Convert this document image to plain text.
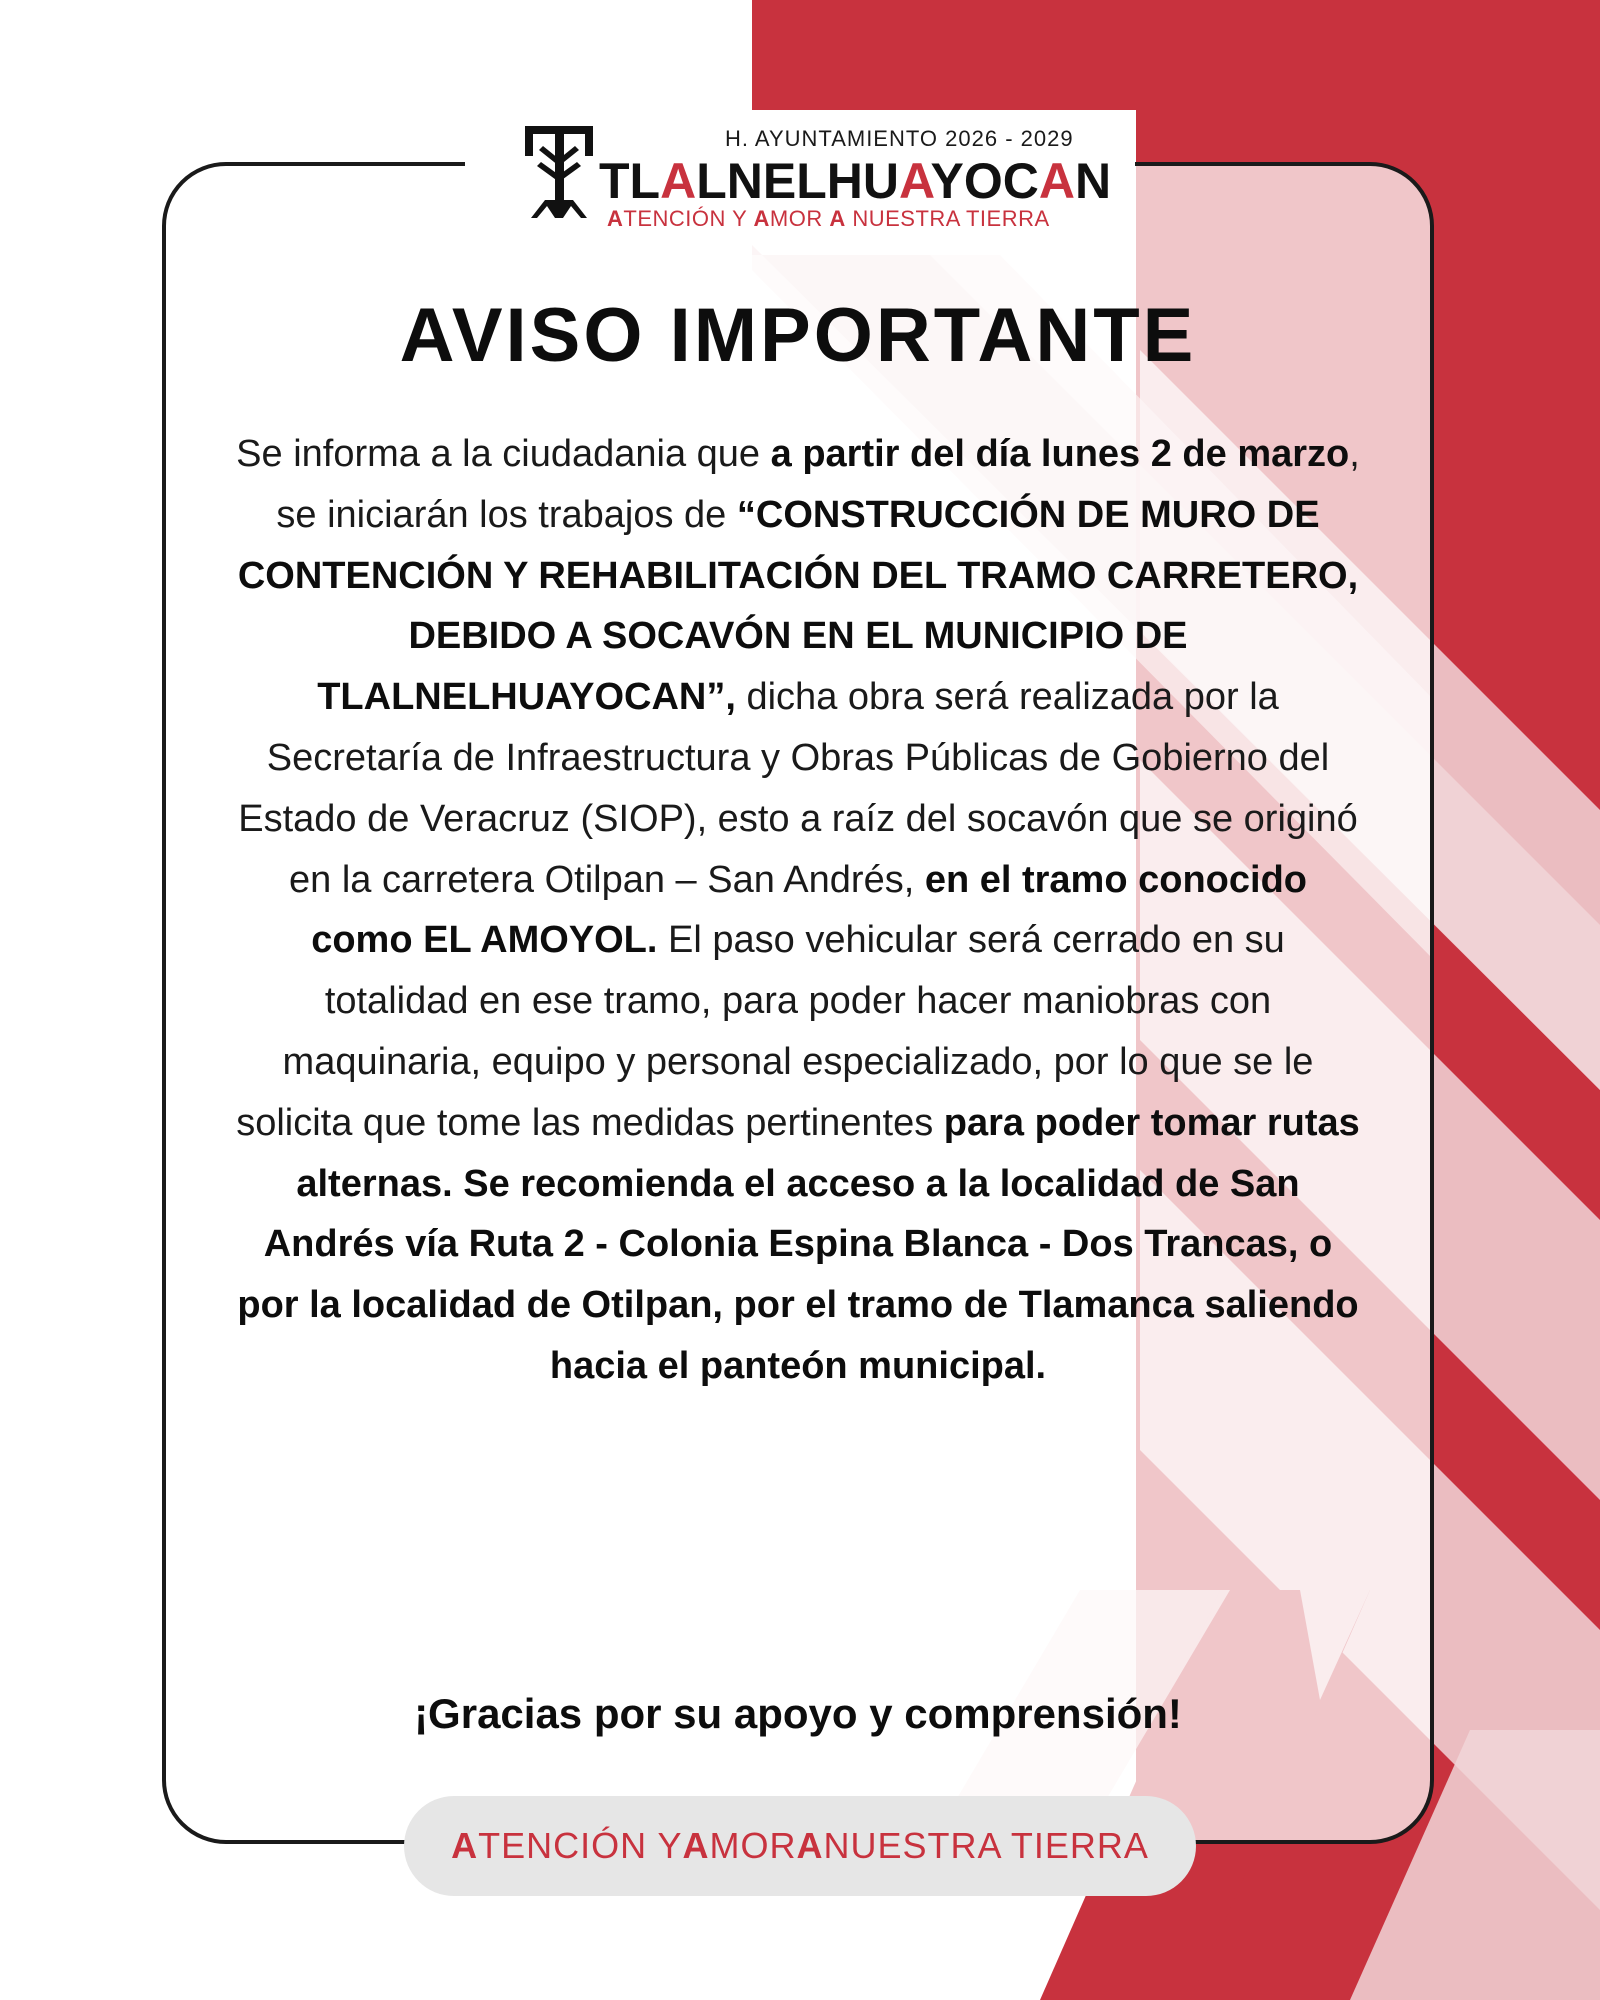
H. AYUNTAMIENTO 2026 - 2029
TLALNELHUAYOCAN
ATENCIÓN Y AMOR A NUESTRA TIERRA
AVISO IMPORTANTE
Se informa a la ciudadania que a partir del día lunes 2 de marzo, se iniciarán los trabajos de “CONSTRUCCIÓN DE MURO DE CONTENCIÓN Y REHABILITACIÓN DEL TRAMO CARRETERO, DEBIDO A SOCAVÓN EN EL MUNICIPIO DE TLALNELHUAYOCAN”, dicha obra será realizada por la Secretaría de Infraestructura y Obras Públicas de Gobierno del Estado de Veracruz (SIOP), esto a raíz del socavón que se originó en la carretera Otilpan – San Andrés, en el tramo conocido como EL AMOYOL. El paso vehicular será cerrado en su totalidad en ese tramo, para poder hacer maniobras con maquinaria, equipo y personal especializado, por lo que se le solicita que tome las medidas pertinentes para poder tomar rutas alternas. Se recomienda el acceso a la localidad de San Andrés vía Ruta 2 - Colonia Espina Blanca - Dos Trancas, o por la localidad de Otilpan, por el tramo de Tlamanca saliendo hacia el panteón municipal.
¡Gracias por su apoyo y comprensión!
A TENCIÓN Y A MOR A NUESTRA TIERRA
